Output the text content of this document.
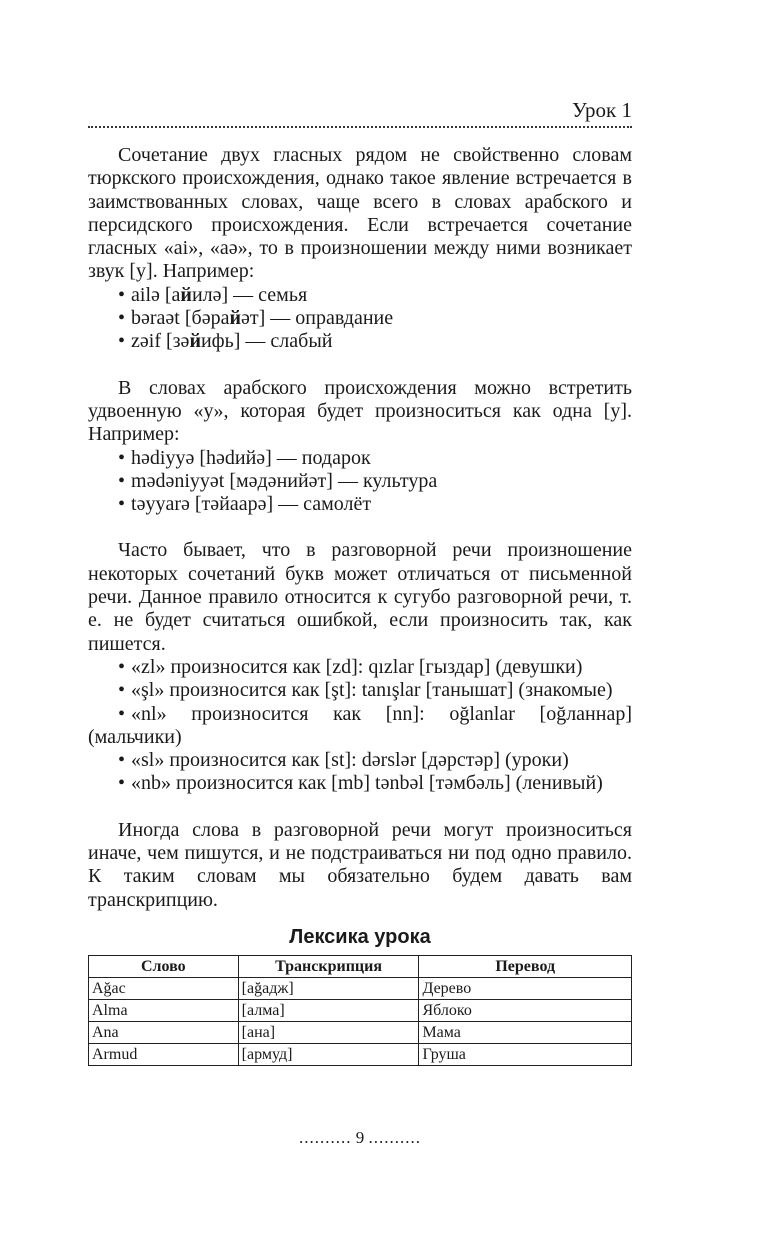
Урок 1

Сочетание двух гласных рядом не свойственно словам тюркского происхождения, однако такое явление встречается в заимствованных словах, чаще всего в словах арабского и персидского происхождения. Если встречается сочетание гласных «ai», «aə», то в произношении между ними возникает звук [y]. Например:

• ailə [айилə] — семья
• bəraət [бəрайəт] — оправдание
• zəif [зəйифь] — слабый

В словах арабского происхождения можно встретить удвоенную «y», которая будет произноситься как одна [y]. Например:

• hədiyyə [hədийə] — подарок
• mədəniyyət [мəдəнийəт] — культура
• təyyarə [тəйаарə] — самолёт

Часто бывает, что в разговорной речи произношение некоторых сочетаний букв может отличаться от письменной речи. Данное правило относится к сугубо разговорной речи, т. е. не будет считаться ошибкой, если произносить так, как пишется.

• «zl» произносится как [zd]: qızlar [гыздар] (девушки)
• «şl» произносится как [şt]: tanışlar [танышат] (знакомые)
• «nl» произносится как [nn]: oğlanlar [oğланнар] (мальчики)
• «sl» произносится как [st]: dərslər [дəрстəр] (уроки)
• «nb» произносится как [mb] tənbəl [тəмбəль] (ленивый)

Иногда слова в разговорной речи могут произноситься иначе, чем пишутся, и не подстраиваться ни под одно правило. К таким словам мы обязательно будем давать вам транскрипцию.

Лексика урока
Слово	Транскрипция	Перевод
Ağac	[ağадж]	Дерево
Alma	[алма]	Яблоко
Ana	[ана]	Мама
Armud	[армуд]	Груша
.......... 9 ..........
